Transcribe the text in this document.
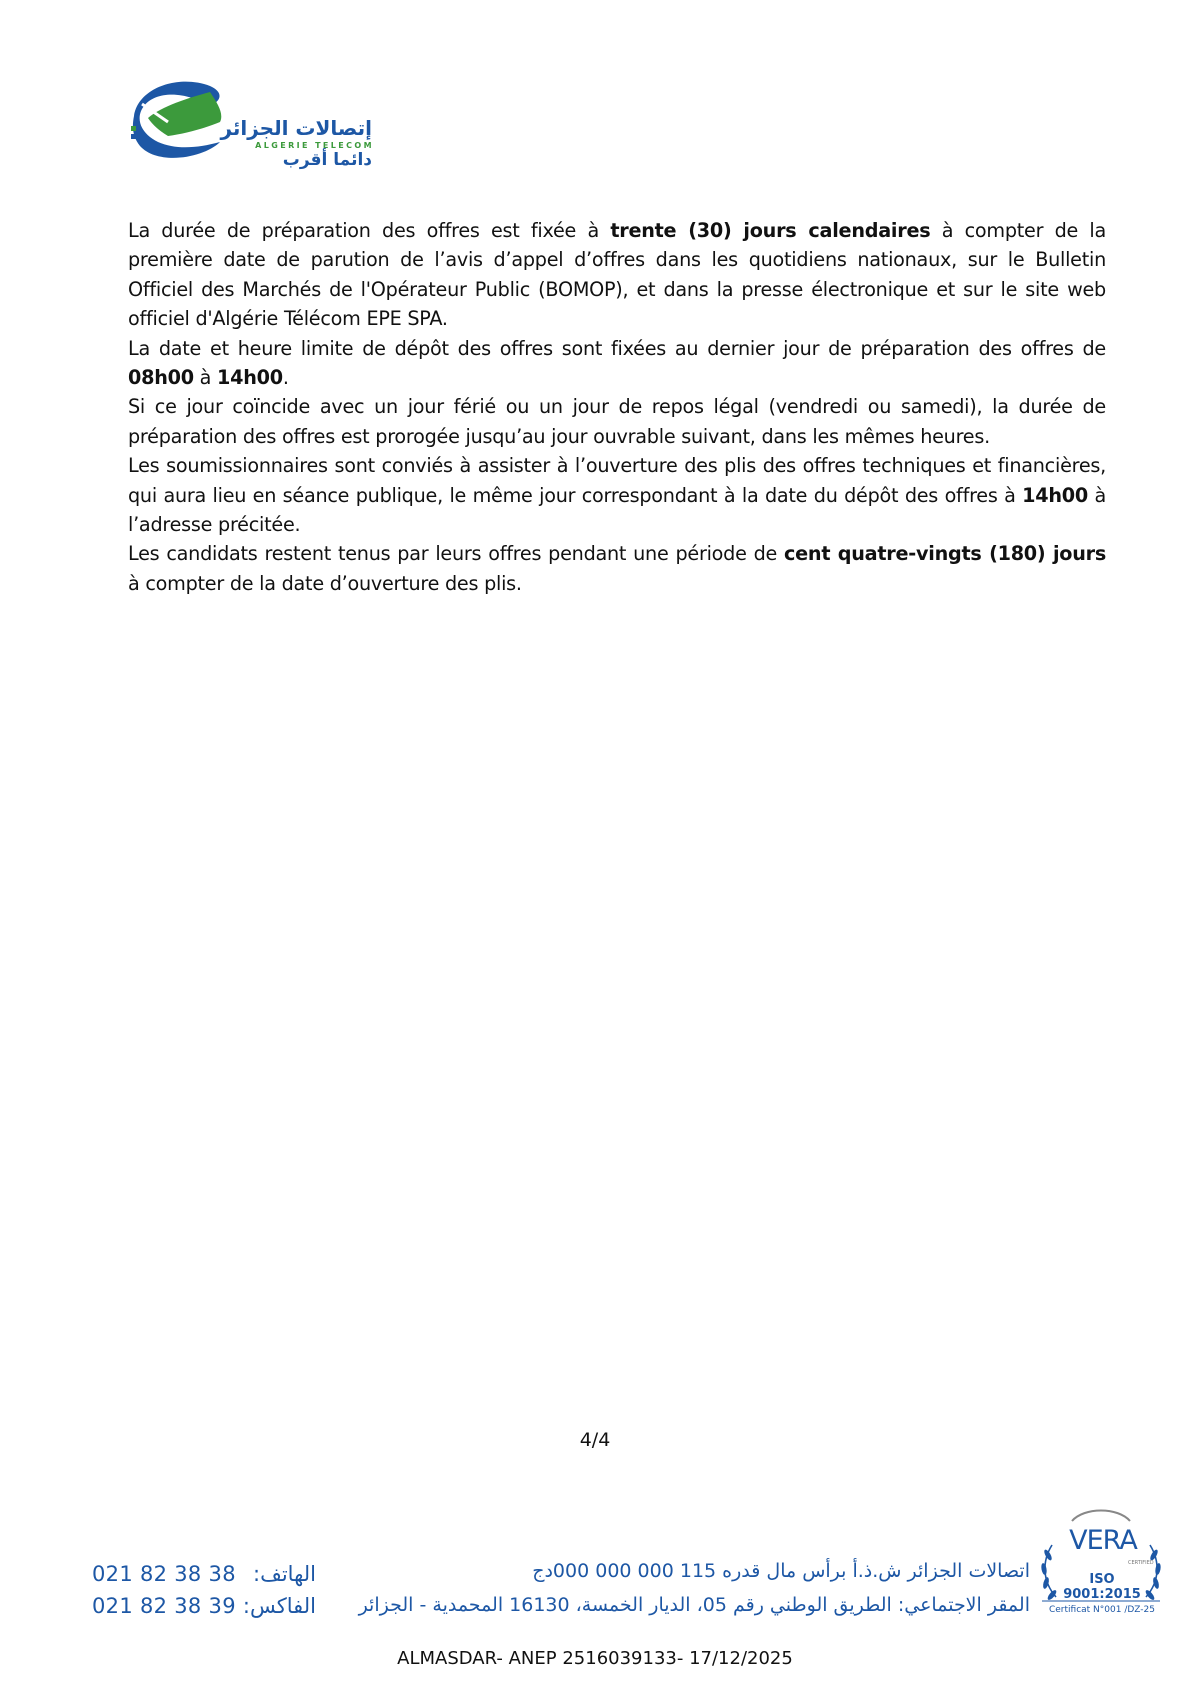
إتصالات الجزائر
ALGERIE TELECOM
دائما أقرب

La durée de préparation des offres est fixée à trente (30) jours calendaires à compter de la première date de parution de l’avis d’appel d’offres dans les quotidiens nationaux, sur le Bulletin Officiel des Marchés de l'Opérateur Public (BOMOP), et dans la presse électronique et sur le site web officiel d'Algérie Télécom EPE SPA.

La date et heure limite de dépôt des offres sont fixées au dernier jour de préparation des offres de 08h00 à 14h00.

Si ce jour coïncide avec un jour férié ou un jour de repos légal (vendredi ou samedi), la durée de préparation des offres est prorogée jusqu’au jour ouvrable suivant, dans les mêmes heures.

Les soumissionnaires sont conviés à assister à l’ouverture des plis des offres techniques et financières, qui aura lieu en séance publique, le même jour correspondant à la date du dépôt des offres à 14h00 à l’adresse précitée.

Les candidats restent tenus par leurs offres pendant une période de cent quatre-vingts (180) jours à compter de la date d’ouverture des plis.

4/4
021 82 38 38 الهاتف:
021 82 38 39 الفاكس:
اتصالات الجزائر ش.ذ.أ برأس مال قدره 115 000 000 000دج
المقر الاجتماعي: الطريق الوطني رقم 05، الديار الخمسة، 16130 المحمدية - الجزائر
VERA
CERTIFIED
ISO 9001:2015
Certificat N°001 /DZ-25
ALMASDAR- ANEP 2516039133- 17/12/2025
